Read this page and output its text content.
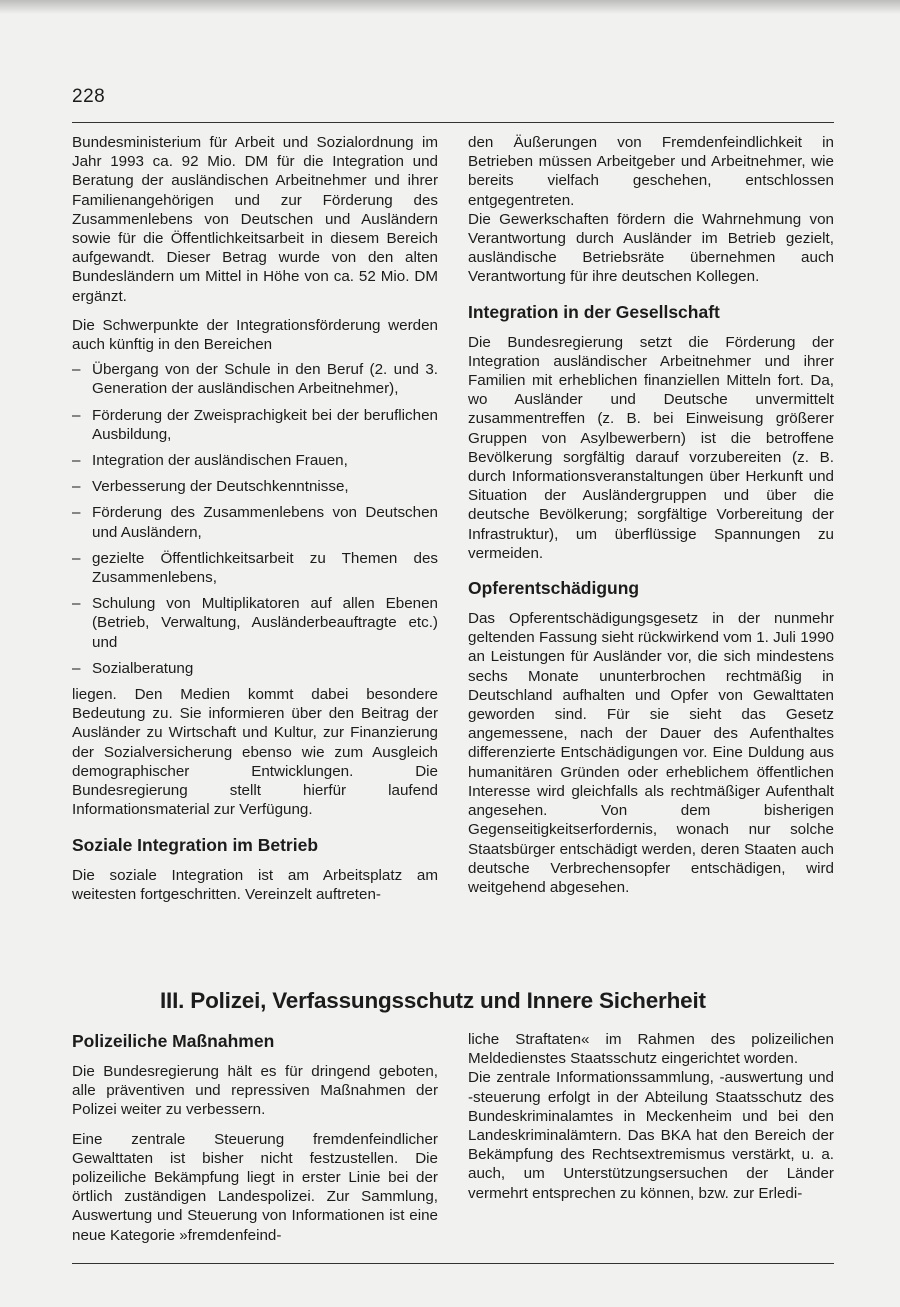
228

Bundesministerium für Arbeit und Sozialordnung im Jahr 1993 ca. 92 Mio. DM für die Integration und Beratung der ausländischen Arbeitnehmer und ihrer Familienangehörigen und zur Förderung des Zusammenlebens von Deutschen und Ausländern sowie für die Öffentlichkeitsarbeit in diesem Bereich aufgewandt. Dieser Betrag wurde von den alten Bundesländern um Mittel in Höhe von ca. 52 Mio. DM ergänzt.

Die Schwerpunkte der Integrationsförderung werden auch künftig in den Bereichen

– Übergang von der Schule in den Beruf (2. und 3. Generation der ausländischen Arbeitnehmer),
– Förderung der Zweisprachigkeit bei der beruflichen Ausbildung,
– Integration der ausländischen Frauen,
– Verbesserung der Deutschkenntnisse,
– Förderung des Zusammenlebens von Deutschen und Ausländern,
– gezielte Öffentlichkeitsarbeit zu Themen des Zusammenlebens,
– Schulung von Multiplikatoren auf allen Ebenen (Betrieb, Verwaltung, Ausländerbeauftragte etc.) und
– Sozialberatung

liegen. Den Medien kommt dabei besondere Bedeutung zu. Sie informieren über den Beitrag der Ausländer zu Wirtschaft und Kultur, zur Finanzierung der Sozialversicherung ebenso wie zum Ausgleich demographischer Entwicklungen. Die Bundesregierung stellt hierfür laufend Informationsmaterial zur Verfügung.

Soziale Integration im Betrieb

Die soziale Integration ist am Arbeitsplatz am weitesten fortgeschritten. Vereinzelt auftreten-

den Äußerungen von Fremdenfeindlichkeit in Betrieben müssen Arbeitgeber und Arbeitnehmer, wie bereits vielfach geschehen, entschlossen entgegentreten.

Die Gewerkschaften fördern die Wahrnehmung von Verantwortung durch Ausländer im Betrieb gezielt, ausländische Betriebsräte übernehmen auch Verantwortung für ihre deutschen Kollegen.

Integration in der Gesellschaft

Die Bundesregierung setzt die Förderung der Integration ausländischer Arbeitnehmer und ihrer Familien mit erheblichen finanziellen Mitteln fort. Da, wo Ausländer und Deutsche unvermittelt zusammentreffen (z. B. bei Einweisung größerer Gruppen von Asylbewerbern) ist die betroffene Bevölkerung sorgfältig darauf vorzubereiten (z. B. durch Informationsveranstaltungen über Herkunft und Situation der Ausländergruppen und über die deutsche Bevölkerung; sorgfältige Vorbereitung der Infrastruktur), um überflüssige Spannungen zu vermeiden.

Opferentschädigung

Das Opferentschädigungsgesetz in der nunmehr geltenden Fassung sieht rückwirkend vom 1. Juli 1990 an Leistungen für Ausländer vor, die sich mindestens sechs Monate ununterbrochen rechtmäßig in Deutschland aufhalten und Opfer von Gewalttaten geworden sind. Für sie sieht das Gesetz angemessene, nach der Dauer des Aufenthaltes differenzierte Entschädigungen vor. Eine Duldung aus humanitären Gründen oder erheblichem öffentlichen Interesse wird gleichfalls als rechtmäßiger Aufenthalt angesehen. Von dem bisherigen Gegenseitigkeitserfordernis, wonach nur solche Staatsbürger entschädigt werden, deren Staaten auch deutsche Verbrechensopfer entschädigen, wird weitgehend abgesehen.

III. Polizei, Verfassungsschutz und Innere Sicherheit
Polizeiliche Maßnahmen

Die Bundesregierung hält es für dringend geboten, alle präventiven und repressiven Maßnahmen der Polizei weiter zu verbessern.

Eine zentrale Steuerung fremdenfeindlicher Gewalttaten ist bisher nicht festzustellen. Die polizeiliche Bekämpfung liegt in erster Linie bei der örtlich zuständigen Landespolizei. Zur Sammlung, Auswertung und Steuerung von Informationen ist eine neue Kategorie »fremdenfeind-

liche Straftaten« im Rahmen des polizeilichen Meldedienstes Staatsschutz eingerichtet worden.

Die zentrale Informationssammlung, -auswertung und -steuerung erfolgt in der Abteilung Staatsschutz des Bundeskriminalamtes in Meckenheim und bei den Landeskriminalämtern. Das BKA hat den Bereich der Bekämpfung des Rechtsextremismus verstärkt, u. a. auch, um Unterstützungsersuchen der Länder vermehrt entsprechen zu können, bzw. zur Erledi-
